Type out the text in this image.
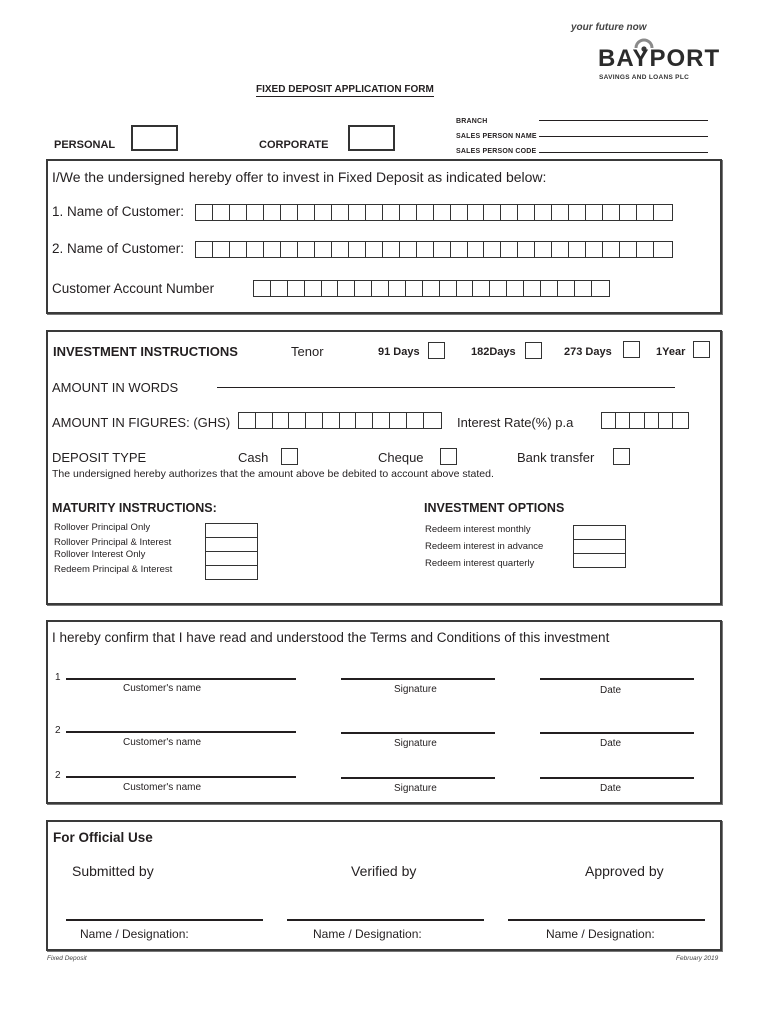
your future now
BAYPORT
SAVINGS AND LOANS PLC
FIXED DEPOSIT APPLICATION FORM
PERSONAL	CORPORATE
BRANCH
SALES PERSON NAME
SALES PERSON CODE
I/We the undersigned hereby offer to invest in Fixed Deposit as indicated below:
1. Name of Customer:
2. Name of Customer:
Customer Account Number
INVESTMENT INSTRUCTIONS	Tenor	91 Days	182Days	273 Days	1Year
AMOUNT IN WORDS
AMOUNT IN FIGURES: (GHS)	Interest Rate(%) p.a
DEPOSIT TYPE	Cash	Cheque	Bank transfer
The undersigned hereby authorizes that the amount above be debited to account above stated.
MATURITY INSTRUCTIONS:
Rollover Principal Only
Rollover Principal & Interest
Rollover Interest Only
Redeem Principal & Interest
INVESTMENT OPTIONS
Redeem interest monthly
Redeem interest in advance
Redeem interest quarterly
I hereby confirm that I have read and understood the Terms and Conditions of this investment
1
Customer's name	Signature	Date
2
Customer's name	Signature	Date
2
Customer's name	Signature	Date
For Official Use
Submitted by	Verified by	Approved by
Name / Designation:	Name / Designation:	Name / Designation:
Fixed Deposit	February 2019
